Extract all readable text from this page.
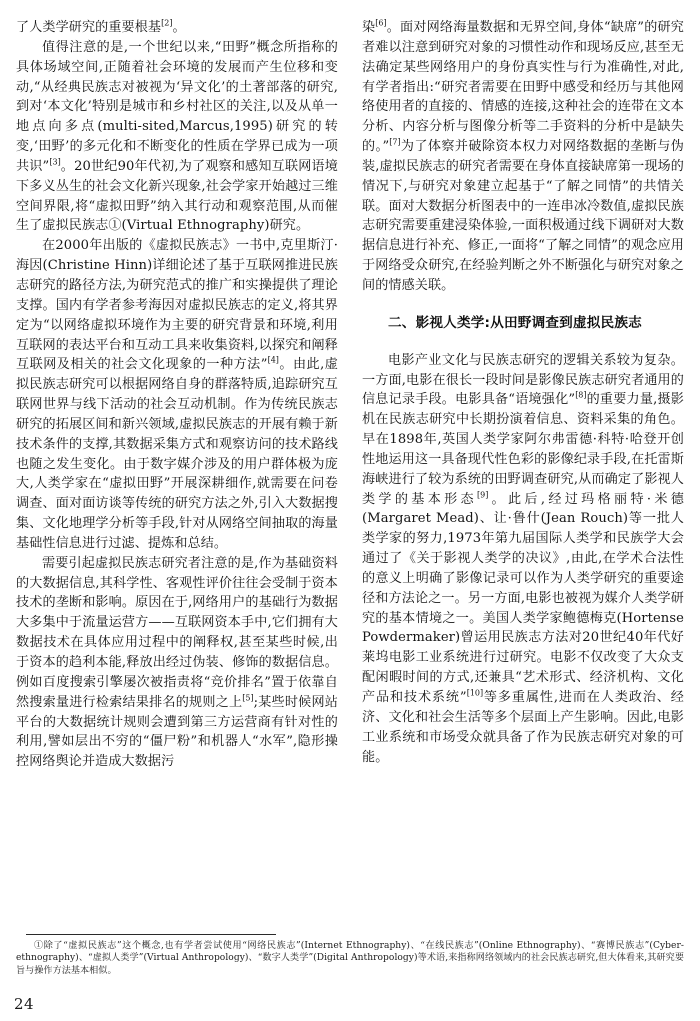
了人类学研究的重要根基[2]。

值得注意的是,一个世纪以来,“田野”概念所指称的具体场域空间,正随着社会环境的发展而产生位移和变动,“从经典民族志对被视为‘异文化’的土著部落的研究,到对‘本文化’特别是城市和乡村社区的关注,以及从单一地点向多点(multi-sited,Marcus,1995)研究的转变,‘田野’的多元化和不断变化的性质在学界已成为一项共识”[3]。20世纪90年代初,为了观察和感知互联网语境下多义丛生的社会文化新兴现象,社会学家开始越过三维空间界限,将“虚拟田野”纳入其行动和观察范围,从而催生了虚拟民族志①(Virtual Ethnography)研究。

在2000年出版的《虚拟民族志》一书中,克里斯汀·海因(Christine Hinn)详细论述了基于互联网推进民族志研究的路径方法,为研究范式的推广和实操提供了理论支撑。国内有学者参考海因对虚拟民族志的定义,将其界定为“以网络虚拟环境作为主要的研究背景和环境,利用互联网的表达平台和互动工具来收集资料,以探究和阐释互联网及相关的社会文化现象的一种方法”[4]。由此,虚拟民族志研究可以根据网络自身的群落特质,追踪研究互联网世界与线下活动的社会互动机制。作为传统民族志研究的拓展区间和新兴领域,虚拟民族志的开展有赖于新技术条件的支撑,其数据采集方式和观察访问的技术路线也随之发生变化。由于数字媒介涉及的用户群体极为庞大,人类学家在“虚拟田野”开展深耕细作,就需要在问卷调查、面对面访谈等传统的研究方法之外,引入大数据搜集、文化地理学分析等手段,针对从网络空间抽取的海量基础性信息进行过滤、提炼和总结。

需要引起虚拟民族志研究者注意的是,作为基础资料的大数据信息,其科学性、客观性评价往往会受制于资本技术的垄断和影响。原因在于,网络用户的基础行为数据大多集中于流量运营方——互联网资本手中,它们拥有大数据技术在具体应用过程中的阐释权,甚至某些时候,出于资本的趋利本能,释放出经过伪装、修饰的数据信息。例如百度搜索引擎屡次被指责将“竞价排名”置于依靠自然搜索量进行检索结果排名的规则之上[5];某些时候网站平台的大数据统计规则会遭到第三方运营商有针对性的利用,譬如层出不穷的“僵尸粉”和机器人“水军”,隐形操控网络舆论并造成大数据污

染[6]。面对网络海量数据和无界空间,身体“缺席”的研究者难以注意到研究对象的习惯性动作和现场反应,甚至无法确定某些网络用户的身份真实性与行为准确性,对此,有学者指出:“研究者需要在田野中感受和经历与其他网络使用者的直接的、情感的连接,这种社会的连带在文本分析、内容分析与图像分析等二手资料的分析中是缺失的。”[7]为了体察并破除资本权力对网络数据的垄断与伪装,虚拟民族志的研究者需要在身体直接缺席第一现场的情况下,与研究对象建立起基于“了解之同情”的共情关联。面对大数据分析图表中的一连串冰冷数值,虚拟民族志研究需要重建浸染体验,一面积极通过线下调研对大数据信息进行补充、修正,一面将“了解之同情”的观念应用于网络受众研究,在经验判断之外不断强化与研究对象之间的情感关联。

二、影视人类学:从田野调查到虚拟民族志

电影产业文化与民族志研究的逻辑关系较为复杂。一方面,电影在很长一段时间是影像民族志研究者通用的信息记录手段。电影具备“语境强化”[8]的重要力量,摄影机在民族志研究中长期扮演着信息、资料采集的角色。早在1898年,英国人类学家阿尔弗雷德·科特·哈登开创性地运用这一具备现代性色彩的影像纪录手段,在托雷斯海峡进行了较为系统的田野调查研究,从而确定了影视人类学的基本形态[9]。此后,经过玛格丽特·米德(Margaret Mead)、让·鲁什(Jean Rouch)等一批人类学家的努力,1973年第九届国际人类学和民族学大会通过了《关于影视人类学的决议》,由此,在学术合法性的意义上明确了影像记录可以作为人类学研究的重要途径和方法论之一。另一方面,电影也被视为媒介人类学研究的基本情境之一。美国人类学家鲍德梅克(Hortense Powdermaker)曾运用民族志方法对20世纪40年代好莱坞电影工业系统进行过研究。电影不仅改变了大众支配闲暇时间的方式,还兼具“艺术形式、经济机构、文化产品和技术系统”[10]等多重属性,进而在人类政治、经济、文化和社会生活等多个层面上产生影响。因此,电影工业系统和市场受众就具备了作为民族志研究对象的可能。

①除了“虚拟民族志”这个概念,也有学者尝试使用“网络民族志”(Internet Ethnography)、“在线民族志”(Online Ethnography)、“赛博民族志”(Cyber-ethnography)、“虚拟人类学”(Virtual Anthropology)、“数字人类学”(Digital Anthropology)等术语,来指称网络领域内的社会民族志研究,但大体看来,其研究要旨与操作方法基本相似。

24
